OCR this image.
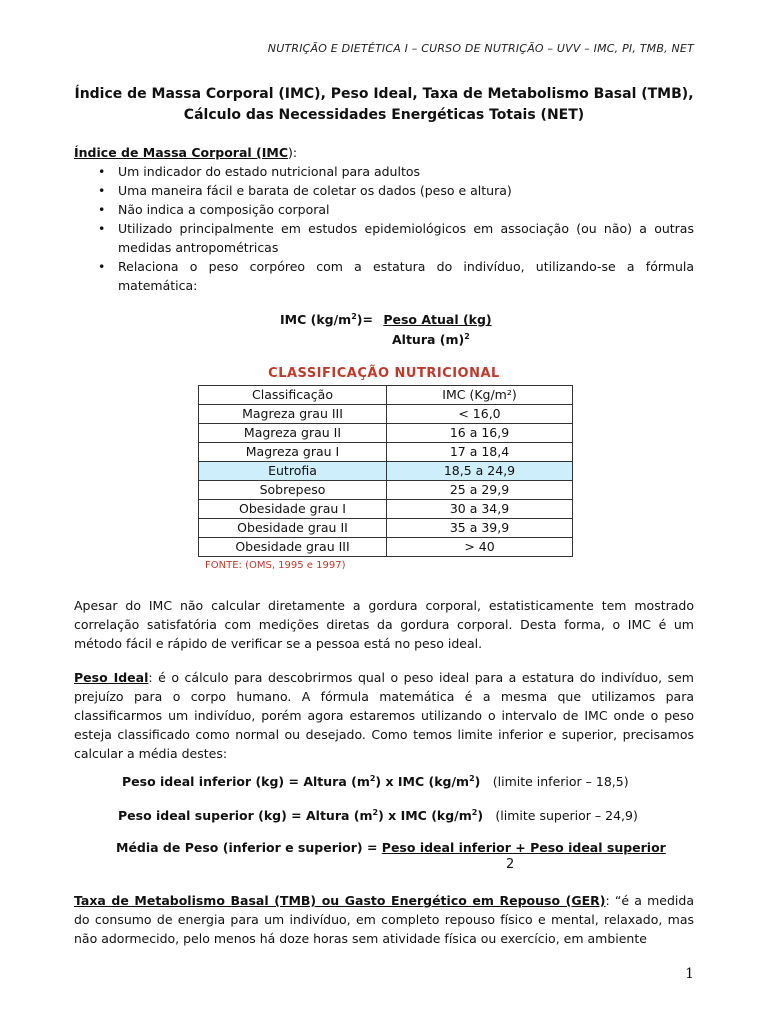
NUTRIÇÃO E DIETÉTICA I – CURSO DE NUTRIÇÃO – UVV – IMC, PI, TMB, NET
Índice de Massa Corporal (IMC), Peso Ideal, Taxa de Metabolismo Basal (TMB),
Cálculo das Necessidades Energéticas Totais (NET)
Índice de Massa Corporal (IMC):
• Um indicador do estado nutricional para adultos
• Uma maneira fácil e barata de coletar os dados (peso e altura)
• Não indica a composição corporal
• Utilizado principalmente em estudos epidemiológicos em associação (ou não) a outras medidas antropométricas
• Relaciona o peso corpóreo com a estatura do indivíduo, utilizando-se a fórmula matemática:
IMC $(kg/m^2)=$ Peso Atual (kg)
Altura $(m)^2$
CLASSIFICAÇÃO NUTRICIONAL
Classificação	IMC (Kg/m²)
Magreza grau III	< 16,0
Magreza grau II	16 a 16,9
Magreza grau I	17 a 18,4
Eutrofia	18,5 a 24,9
Sobrepeso	25 a 29,9
Obesidade grau I	30 a 34,9
Obesidade grau II	35 a 39,9
Obesidade grau III	> 40
FONTE: (OMS, 1995 e 1997)
Apesar do IMC não calcular diretamente a gordura corporal, estatisticamente tem mostrado correlação satisfatória com medições diretas da gordura corporal. Desta forma, o IMC é um método fácil e rápido de verificar se a pessoa está no peso ideal.
Peso Ideal: é o cálculo para descobrirmos qual o peso ideal para a estatura do indivíduo, sem prejuízo para o corpo humano. A fórmula matemática é a mesma que utilizamos para classificarmos um indivíduo, porém agora estaremos utilizando o intervalo de IMC onde o peso esteja classificado como normal ou desejado. Como temos limite inferior e superior, precisamos calcular a média destes:
Peso ideal inferior (kg) = Altura $(m^2)$ x IMC $(kg/m^2)$ (limite inferior – 18,5)
Peso ideal superior (kg) = Altura $(m^2)$ x IMC $(kg/m^2)$ (limite superior – 24,9)
Média de Peso (inferior e superior) = Peso ideal inferior + Peso ideal superior
2
Taxa de Metabolismo Basal (TMB) ou Gasto Energético em Repouso (GER): “é a medida do consumo de energia para um indivíduo, em completo repouso físico e mental, relaxado, mas não adormecido, pelo menos há doze horas sem atividade física ou exercício, em ambiente
1
